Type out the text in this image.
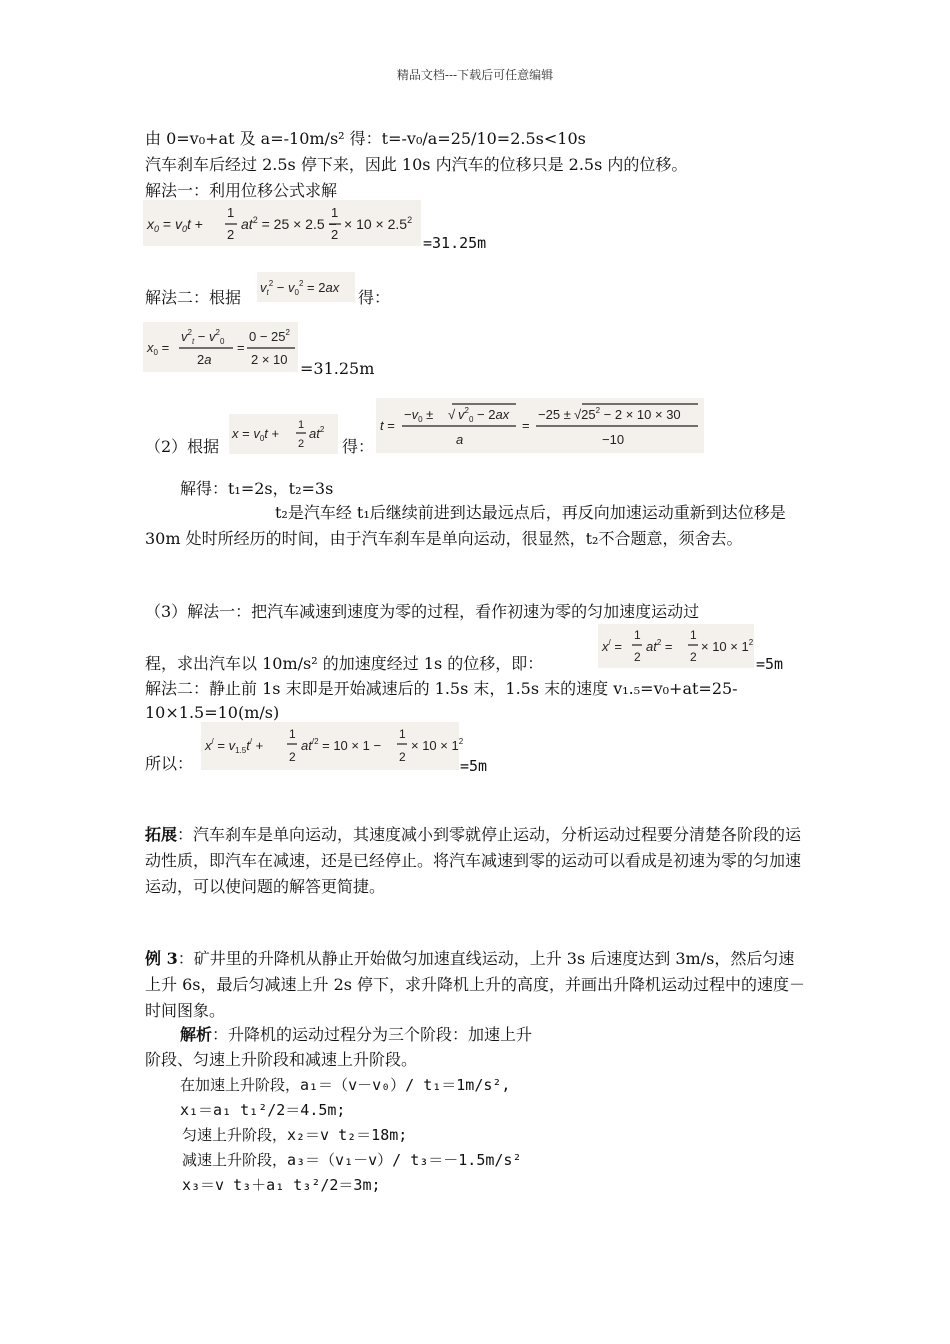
精品文档---下载后可任意编辑
由 0=v₀+at 及 a=-10m/s² 得：t=-v₀/a=25/10=2.5s<10s
汽车刹车后经过 2.5s 停下来，因此 10s 内汽车的位移只是 2.5s 内的位移。
解法一：利用位移公式求解
$x_0 = v_0t$ +
1
2
$at^2 = 25 \times 2.5$ −
1
2
× $10 \times 2.5^2$
=31.25m
解法二：根据
$v_t^2 - v_0^2 = 2ax$
得：
$x_0$ =
$v^2_t - v^2_0$
2a
=
$0 - 25^2$
2 × 10 =31.25m
（2）根据
$x = v_0t$ +
1
2
$at^2$
得：
t =
$-v_0$ ± √ $v^2_0 - 2ax$
a
=
$-25 \pm √25^2 - 2 \times 10 \times 30$
−10
解得：t₁=2s，t₂=3s
t₂是汽车经 t₁后继续前进到达最远点后，再反向加速运动重新到达位移是 30m 处时所经历的时间，由于汽车刹车是单向运动，很显然，t₂不合题意，须舍去。
（3）解法一：把汽车减速到速度为零的过程，看作初速为零的匀加速度运动过
程，求出汽车以 10m/s² 的加速度经过 1s 的位移，即：
x/ =
1
2
$at^2$ =
1
2
× $10 \times 1^2$
=5m
解法二：静止前 1s 末即是开始减速后的 1.5s 末，1.5s 末的速度 v₁.₅=v₀+at=25-
10×1.5=10(m/s)
所以：
$x^/ = v_{1.5}t^/$ +
1
2
$at^{/2} = 10 \times 1$ −
1
2
× $10 \times 1^2$
=5m
拓展：汽车刹车是单向运动，其速度减小到零就停止运动，分析运动过程要分清楚各阶段的运动性质，即汽车在减速，还是已经停止。将汽车减速到零的运动可以看成是初速为零的匀加速运动，可以使问题的解答更简捷。
例 3：矿井里的升降机从静止开始做匀加速直线运动，上升 3s 后速度达到 3m/s，然后匀速上升 6s，最后匀减速上升 2s 停下，求升降机上升的高度，并画出升降机运动过程中的速度－时间图象。
解析：升降机的运动过程分为三个阶段：加速上升
阶段、匀速上升阶段和减速上升阶段。
在加速上升阶段，a₁＝（v－v₀）/ t₁＝1m/s²,
x₁＝a₁ t₁²/2＝4.5m;
匀速上升阶段，x₂＝v t₂＝18m;
减速上升阶段，a₃＝（v₁－v）/ t₃＝－1.5m/s²
x₃＝v t₃＋a₁ t₃²/2＝3m;
